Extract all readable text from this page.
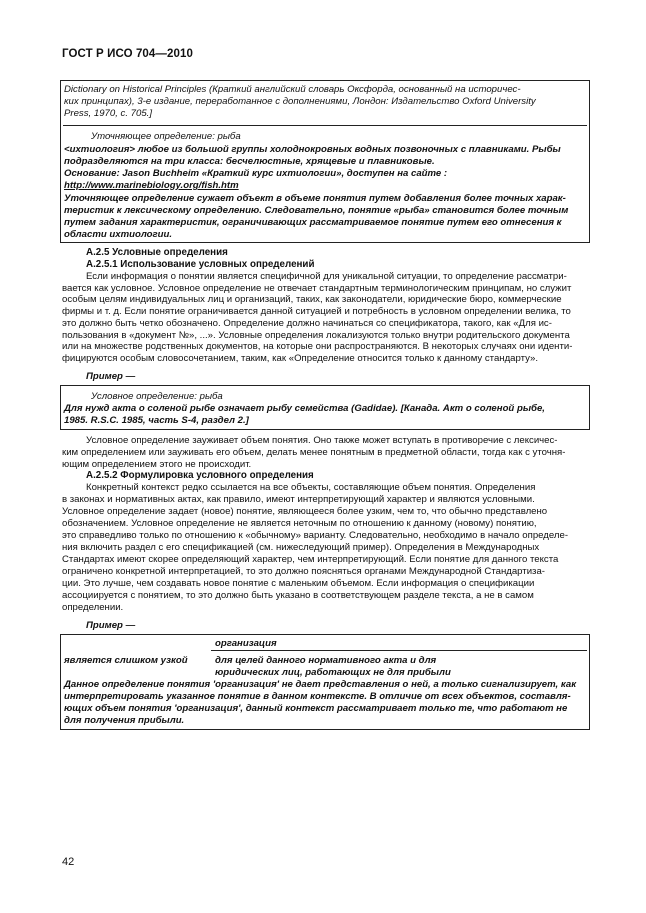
ГОСТ Р ИСО 704—2010
Dictionary on Historical Principles (Краткий английский словарь Оксфорда, основанный на историчес-
ких принципах), 3-е издание, переработанное с дополнениями, Лондон: Издательство Oxford University
Press, 1970, с. 705.]
Уточняющее определение: рыба
<ихтиология> любое из большой группы холоднокровных водных позвоночных с плавниками. Рыбы
подразделяются на три класса: бесчелюстные, хрящевые и плавниковые.
Основание: Jason Buchheim «Краткий курс ихтиологии», доступен на сайте :
http://www.marinebiology.org/fish.htm
Уточняющее определение сужает объект в объеме понятия путем добавления более точных харак-
теристик к лексическому определению. Следовательно, понятие «рыба» становится более точным
путем задания характеристик, ограничивающих рассматриваемое понятие путем его отнесения к
области ихтиологии.
А.2.5 Условные определения
А.2.5.1 Использование условных определений
Если информация о понятии является специфичной для уникальной ситуации, то определение рассматри-
вается как условное. Условное определение не отвечает стандартным терминологическим принципам, но служит
особым целям индивидуальных лиц и организаций, таких, как законодатели, юридические бюро, коммерческие
фирмы и т. д. Если понятие ограничивается данной ситуацией и потребность в условном определении велика, то
это должно быть четко обозначено. Определение должно начинаться со спецификатора, такого, как «Для ис-
пользования в «документ №», ...». Условные определения локализуются только внутри родительского документа
или на множестве родственных документов, на которые они распространяются. В некоторых случаях они иденти-
фицируются особым словосочетанием, таким, как «Определение относится только к данному стандарту».
Пример —
Условное определение: рыба
Для нужд акта о соленой рыбе означает рыбу семейства (Gadidae). [Канада. Акт о соленой рыбе,
1985. R.S.C. 1985, часть S-4, раздел 2.]
Условное определение зауживает объем понятия. Оно также может вступать в противоречие с лексичес-
ким определением или зауживать его объем, делать менее понятным в предметной области, тогда как с уточня-
ющим определением этого не происходит.
А.2.5.2 Формулировка условного определения
Конкретный контекст редко ссылается на все объекты, составляющие объем понятия. Определения
в законах и нормативных актах, как правило, имеют интерпретирующий характер и являются условными.
Условное определение задает (новое) понятие, являющееся более узким, чем то, что обычно представлено
обозначением. Условное определение не является неточным по отношению к данному (новому) понятию,
это справедливо только по отношению к «обычному» варианту. Следовательно, необходимо в начало определе-
ния включить раздел с его спецификацией (см. нижеследующий пример). Определения в Международных
Стандартах имеют скорее определяющий характер, чем интерпретирующий. Если понятие для данного текста
ограничено конкретной интерпретацией, то это должно поясняться органами Международной Стандартиза-
ции. Это лучше, чем создавать новое понятие с маленьким объемом. Если информация о спецификации
ассоциируется с понятием, то это должно быть указано в соответствующем разделе текста, а не в самом
определении.
Пример —
организация
является слишком узкой	для целей данного нормативного акта и для
юридических лиц, работающих не для прибыли
Данное определение понятия 'организация' не дает представления о ней, а только сигнализирует, как
интерпретировать указанное понятие в данном контексте. В отличие от всех объектов, составля-
ющих объем понятия 'организация', данный контекст рассматривает только те, что работают не
для получения прибыли.
42
